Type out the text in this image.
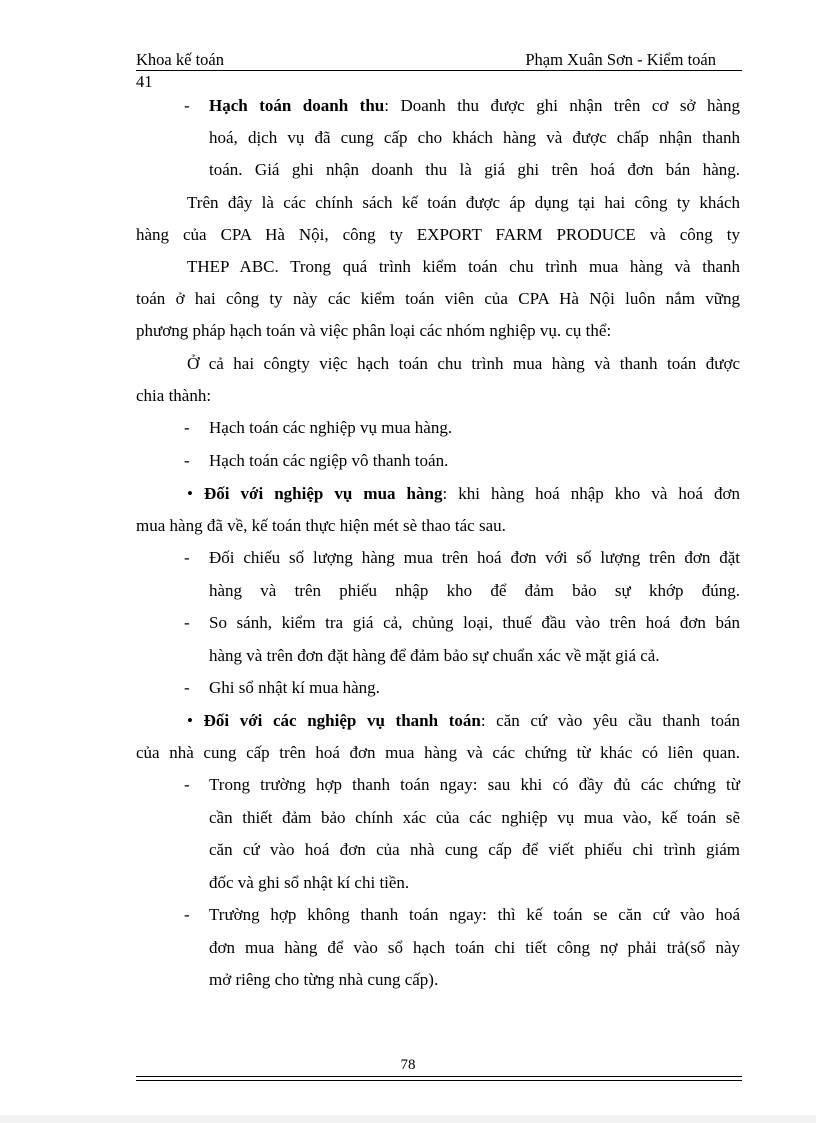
Khoa kế toán	Phạm Xuân Sơn - Kiểm toán
41
- Hạch toán doanh thu: Doanh thu được ghi nhận trên cơ sở hàng
hoá, dịch vụ đã cung cấp cho khách hàng và được chấp nhận thanh
toán. Giá ghi nhận doanh thu là giá ghi trên hoá đơn bán hàng.
Trên đây là các chính sách kế toán được áp dụng tại hai công ty khách
hàng của CPA Hà Nội, công ty EXPORT FARM PRODUCE và công ty
THEP ABC. Trong quá trình kiểm toán chu trình mua hàng và thanh
toán ở hai công ty này các kiểm toán viên của CPA Hà Nội luôn nắm vững
phương pháp hạch toán và việc phân loại các nhóm nghiệp vụ. cụ thể:
Ở cả hai côngty việc hạch toán chu trình mua hàng và thanh toán được
chia thành:
- Hạch toán các nghiệp vụ mua hàng.
- Hạch toán các ngiệp vô thanh toán.
• Đối với nghiệp vụ mua hàng: khi hàng hoá nhập kho và hoá đơn
mua hàng đã về, kế toán thực hiện mét sè thao tác sau.
- Đối chiếu số lượng hàng mua trên hoá đơn với số lượng trên đơn đặt
hàng và trên phiếu nhập kho để đảm bảo sự khớp đúng.
- So sánh, kiểm tra giá cả, chủng loại, thuế đầu vào trên hoá đơn bán
hàng và trên đơn đặt hàng để đảm bảo sự chuẩn xác về mặt giá cả.
- Ghi sổ nhật kí mua hàng.
• Đối với các nghiệp vụ thanh toán: căn cứ vào yêu cầu thanh toán
của nhà cung cấp trên hoá đơn mua hàng và các chứng từ khác có liên quan.
- Trong trường hợp thanh toán ngay: sau khi có đầy đủ các chứng từ
cần thiết đảm bảo chính xác của các nghiệp vụ mua vào, kế toán sẽ
căn cứ vào hoá đơn của nhà cung cấp để viết phiếu chi trình giám
đốc và ghi sổ nhật kí chi tiền.
- Trường hợp không thanh toán ngay: thì kế toán se căn cứ vào hoá
đơn mua hàng để vào sổ hạch toán chi tiết công nợ phải trả(sổ này
mở riêng cho từng nhà cung cấp).
78
